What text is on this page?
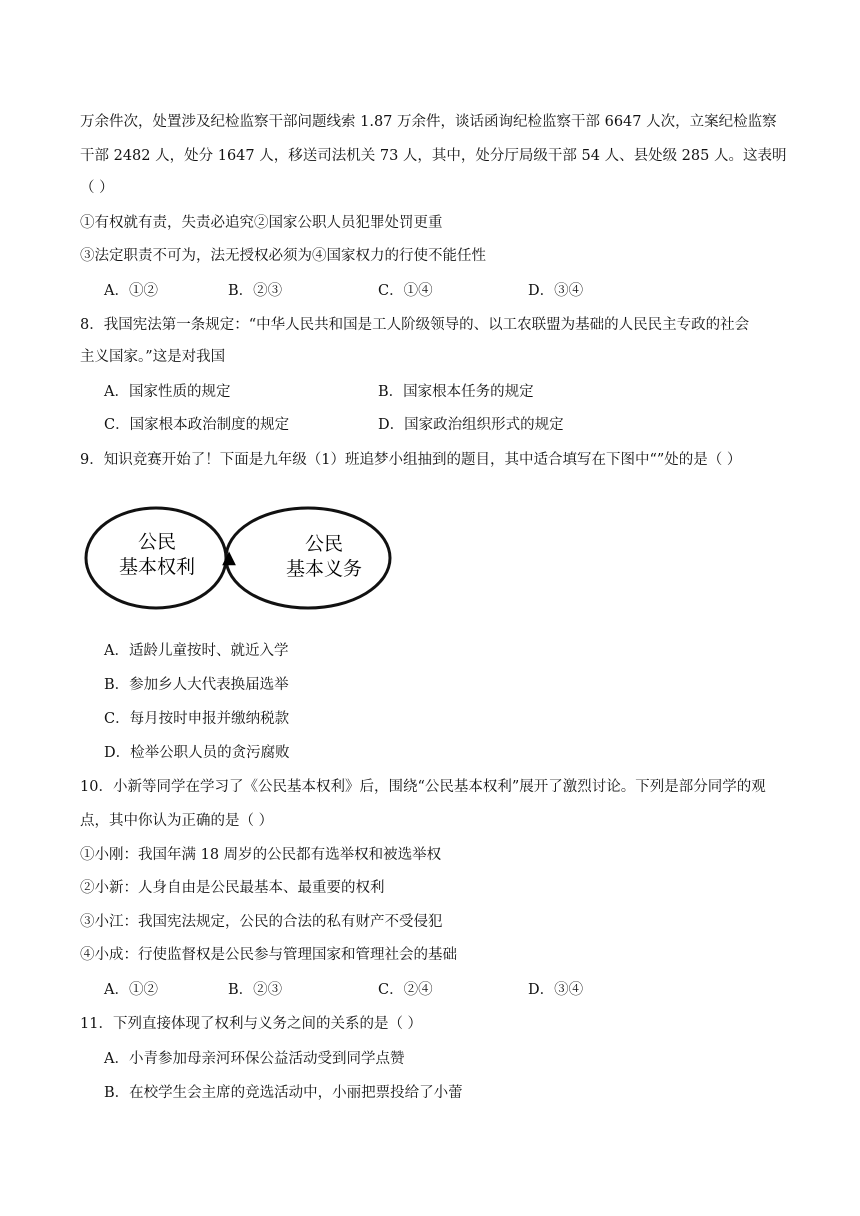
万余件次，处置涉及纪检监察干部问题线索 1.87 万余件，谈话函询纪检监察干部 6647 人次，立案纪检监察
干部 2482 人，处分 1647 人，移送司法机关 73 人，其中，处分厅局级干部 54 人、县处级 285 人。这表明
（ ）
①有权就有责，失责必追究②国家公职人员犯罪处罚更重
③法定职责不可为，法无授权必须为④国家权力的行使不能任性
A．①②	B．②③	C．①④	D．③④
8．我国宪法第一条规定：“中华人民共和国是工人阶级领导的、以工农联盟为基础的人民民主专政的社会
主义国家。”这是对我国
A．国家性质的规定	B．国家根本任务的规定
C．国家根本政治制度的规定	D．国家政治组织形式的规定
9．知识竞赛开始了！下面是九年级（1）班追梦小组抽到的题目，其中适合填写在下图中“”处的是（ ）
公民
基本权利
公民
基本义务
▲
A．适龄儿童按时、就近入学
B．参加乡人大代表换届选举
C．每月按时申报并缴纳税款
D．检举公职人员的贪污腐败
10．小新等同学在学习了《公民基本权利》后，围绕“公民基本权利”展开了激烈讨论。下列是部分同学的观
点，其中你认为正确的是（ ）
①小刚：我国年满 18 周岁的公民都有选举权和被选举权
②小新：人身自由是公民最基本、最重要的权利
③小江：我国宪法规定，公民的合法的私有财产不受侵犯
④小成：行使监督权是公民参与管理国家和管理社会的基础
A．①②	B．②③	C．②④	D．③④
11．下列直接体现了权利与义务之间的关系的是（ ）
A．小青参加母亲河环保公益活动受到同学点赞
B．在校学生会主席的竞选活动中，小丽把票投给了小蕾
